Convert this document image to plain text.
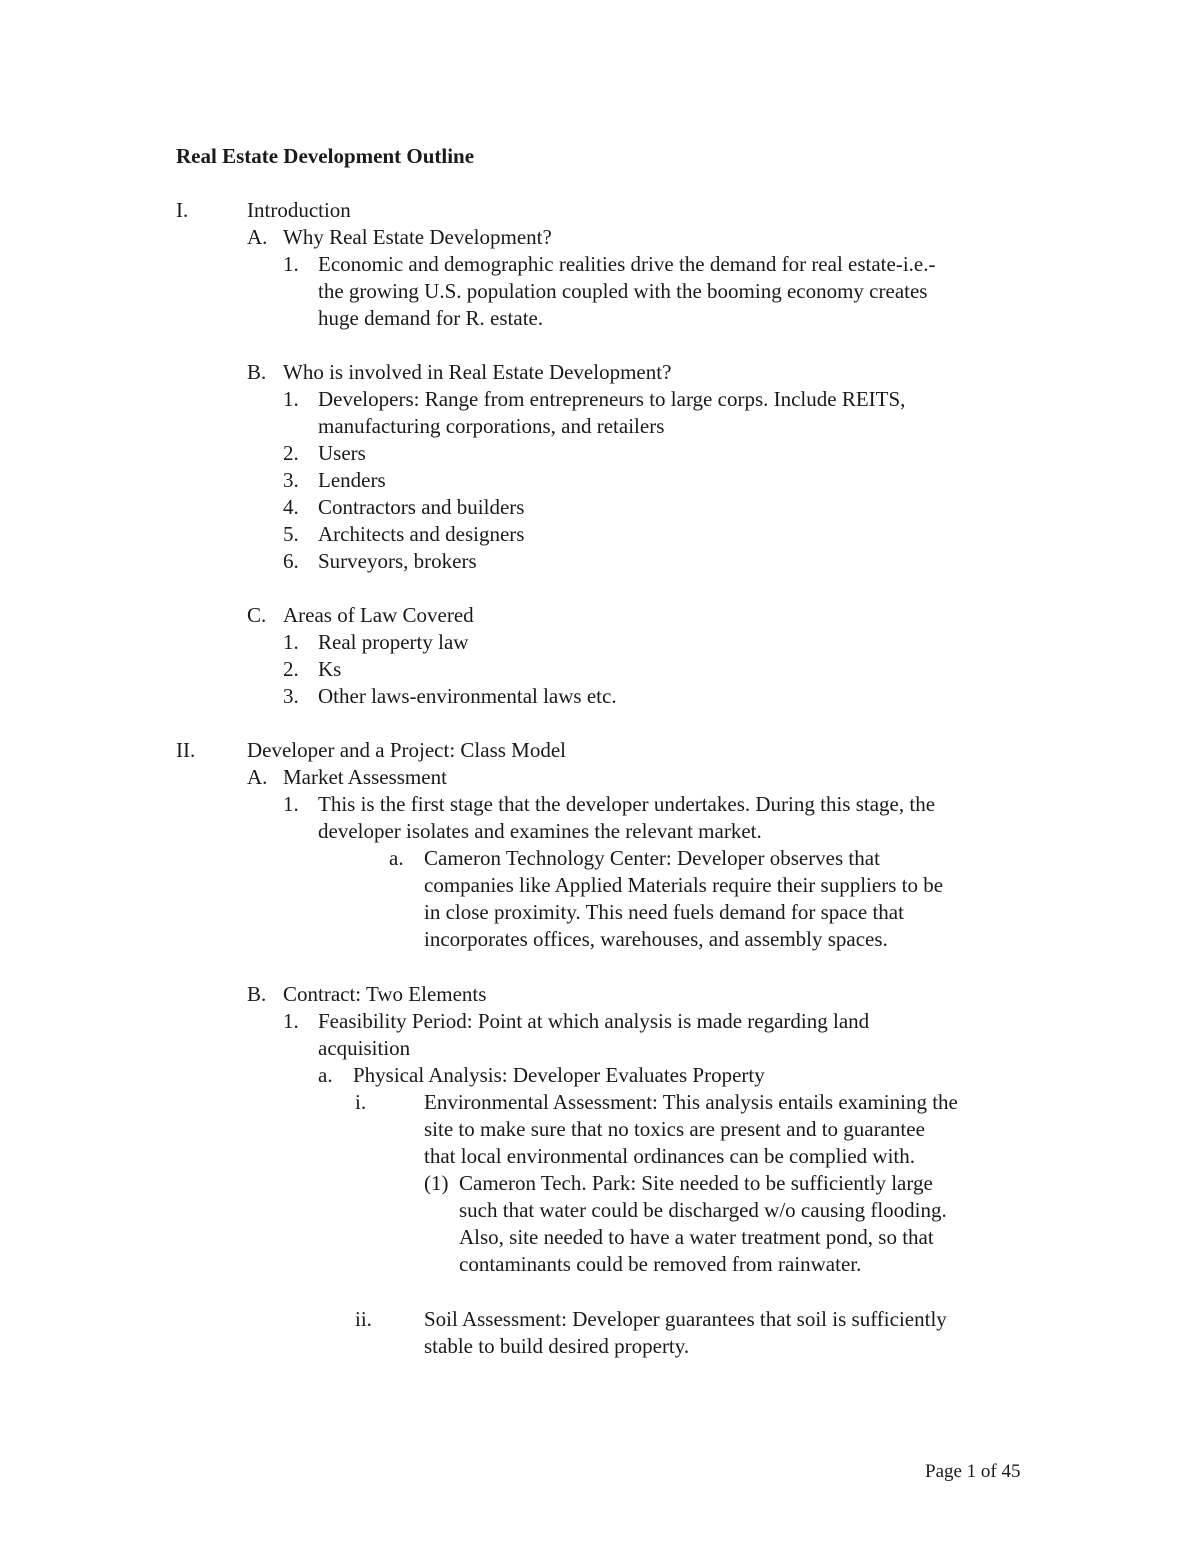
Real Estate Development Outline
I.	Introduction
A. Why Real Estate Development?
1. Economic and demographic realities drive the demand for real estate-i.e.-
the growing U.S. population coupled with the booming economy creates
huge demand for R. estate.
B. Who is involved in Real Estate Development?
1. Developers: Range from entrepreneurs to large corps. Include REITS,
manufacturing corporations, and retailers
2. Users
3. Lenders
4. Contractors and builders
5. Architects and designers
6. Surveyors, brokers
C. Areas of Law Covered
1. Real property law
2. Ks
3. Other laws-environmental laws etc.
II. Developer and a Project: Class Model
A. Market Assessment
1. This is the first stage that the developer undertakes. During this stage, the
developer isolates and examines the relevant market.
a. Cameron Technology Center: Developer observes that
companies like Applied Materials require their suppliers to be
in close proximity. This need fuels demand for space that
incorporates offices, warehouses, and assembly spaces.
B. Contract: Two Elements
1. Feasibility Period: Point at which analysis is made regarding land
acquisition
a. Physical Analysis: Developer Evaluates Property
i.	Environmental Assessment: This analysis entails examining the
site to make sure that no toxics are present and to guarantee
that local environmental ordinances can be complied with.
(1) Cameron Tech. Park: Site needed to be sufficiently large
such that water could be discharged w/o causing flooding.
Also, site needed to have a water treatment pond, so that
contaminants could be removed from rainwater.
ii. Soil Assessment: Developer guarantees that soil is sufficiently
stable to build desired property.
Page 1 of 45
